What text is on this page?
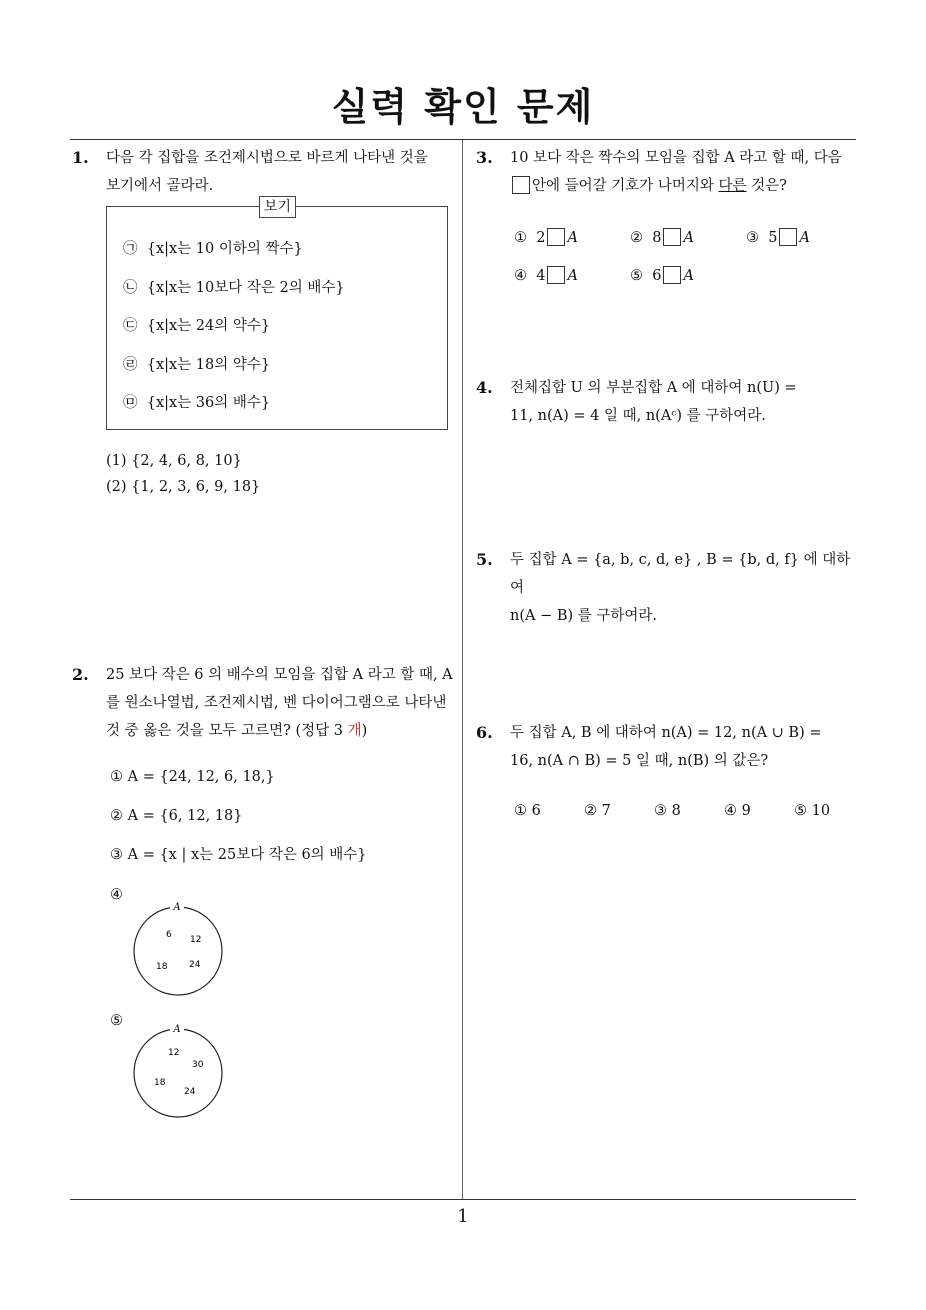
실력 확인 문제
1. 다음 각 집합을 조건제시법으로 바르게 나타낸 것을
보기에서 골라라.
보기
㉠ {x|x는 10 이하의 짝수}
㉡ {x|x는 10보다 작은 2의 배수}
㉢ {x|x는 24의 약수}
㉣ {x|x는 18의 약수}
㉤ {x|x는 36의 배수}
(1) {2, 4, 6, 8, 10}
(2) {1, 2, 3, 6, 9, 18}
2. 25 보다 작은 6 의 배수의 모임을 집합 A 라고 할 때, A
를 원소나열법, 조건제시법, 벤 다이어그램으로 나타낸
것 중 옳은 것을 모두 고르면? (정답 3 개)
① A = {24, 12, 6, 18,}
② A = {6, 12, 18}
③ A = {x | x는 25보다 작은 6의 배수}
④
A
6 12
18 24
⑤
A
12
30
18
24
3. 10 보다 작은 짝수의 모임을 집합 A 라고 할 때, 다음
안에 들어갈 기호가 나머지와 다른 것은?
① 2 A	② 8 A	③ 5 A
④ 4 A	⑤ 6 A
4. 전체집합 U 의 부분집합 A 에 대하여 n(U) =
11, n(A) = 4 일 때, n(Aᶜ) 를 구하여라.
5. 두 집합 A = {a, b, c, d, e} , B = {b, d, f} 에 대하여
n(A − B) 를 구하여라.
6. 두 집합 A, B 에 대하여 n(A) = 12, n(A ∪ B) =
16, n(A ∩ B) = 5 일 때, n(B) 의 값은?
① 6	② 7	③ 8	④ 9	⑤ 10
1
